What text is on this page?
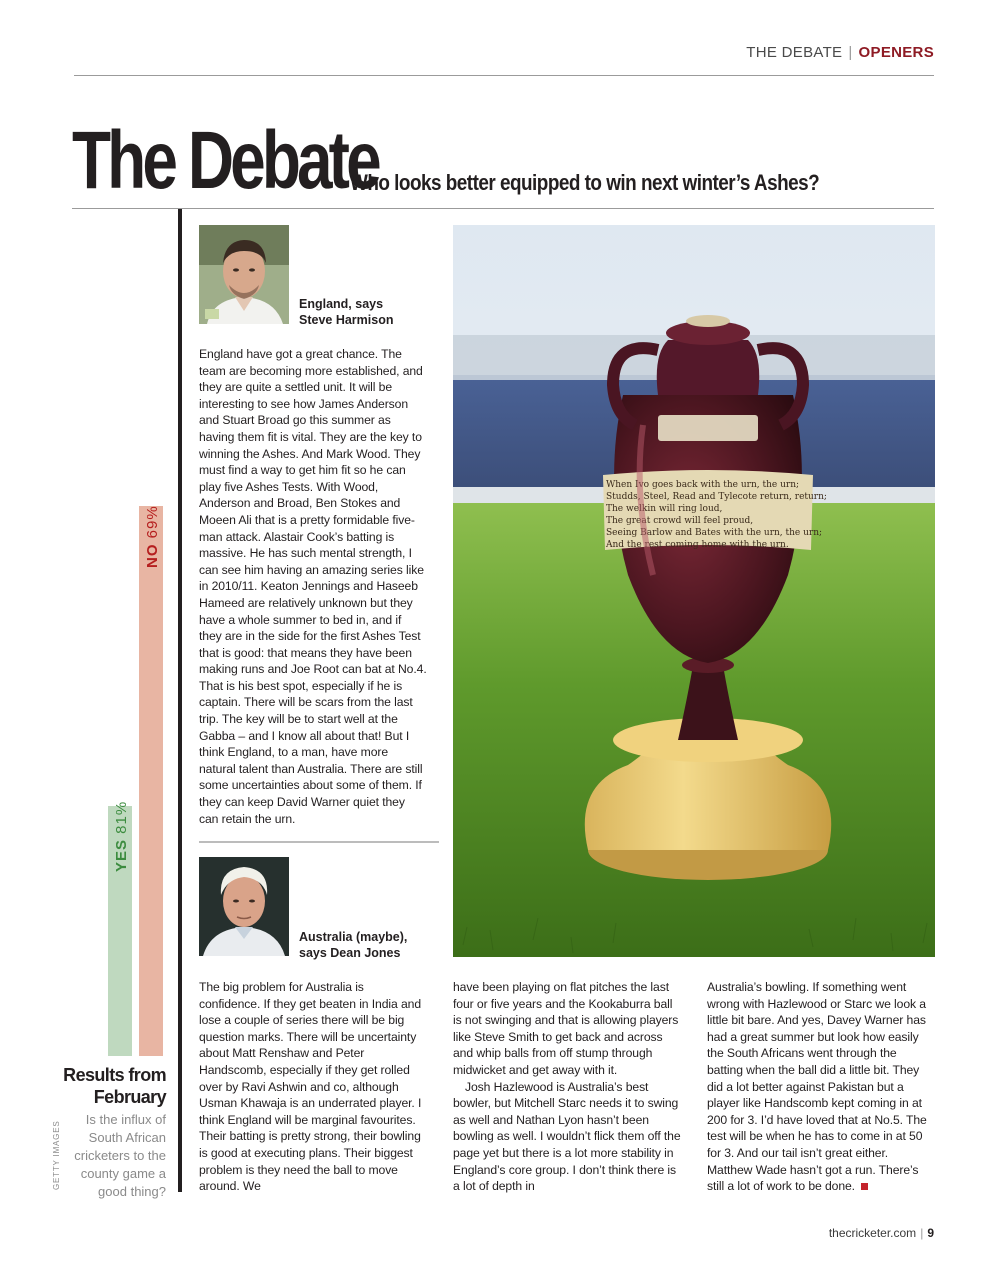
THE DEBATE | OPENERS
The Debate
Who looks better equipped to win next winter’s Ashes?
YES 81%
NO 69%
Results from February
Is the influx of South African cricketers to the county game a good thing?
GETTY IMAGES
England, says Steve Harmison
England have got a great chance. The team are becoming more established, and they are quite a settled unit. It will be interesting to see how James Anderson and Stuart Broad go this summer as having them fit is vital. They are the key to winning the Ashes. And Mark Wood. They must find a way to get him fit so he can play five Ashes Tests. With Wood, Anderson and Broad, Ben Stokes and Moeen Ali that is a pretty formidable five-man attack. Alastair Cook’s batting is massive. He has such mental strength, I can see him having an amazing series like in 2010/11. Keaton Jennings and Haseeb Hameed are relatively unknown but they have a whole summer to bed in, and if they are in the side for the first Ashes Test that is good: that means they have been making runs and Joe Root can bat at No.4. That is his best spot, especially if he is captain. There will be scars from the last trip. The key will be to start well at the Gabba – and I know all about that! But I think England, to a man, have more natural talent than Australia. There are still some uncertainties about some of them. If they can keep David Warner quiet they can retain the urn.
Australia (maybe), says Dean Jones
The big problem for Australia is confidence. If they get beaten in India and lose a couple of series there will be big question marks. There will be uncertainty about Matt Renshaw and Peter Handscomb, especially if they get rolled over by Ravi Ashwin and co, although Usman Khawaja is an underrated player. I think England will be marginal favourites. Their batting is pretty strong, their bowling is good at executing plans. Their biggest problem is they need the ball to move around. We

have been playing on flat pitches the last four or five years and the Kookaburra ball is not swinging and that is allowing players like Steve Smith to get back and across and whip balls from off stump through midwicket and get away with it.

Josh Hazlewood is Australia’s best bowler, but Mitchell Starc needs it to swing as well and Nathan Lyon hasn’t been bowling as well. I wouldn’t flick them off the page yet but there is a lot more stability in England’s core group. I don’t think there is a lot of depth in

Australia’s bowling. If something went wrong with Hazlewood or Starc we look a little bit bare. And yes, Davey Warner has had a great summer but look how easily the South Africans went through the batting when the ball did a little bit. They did a lot better against Pakistan but a player like Handscomb kept coming in at 200 for 3. I’d have loved that at No.5. The test will be when he has to come in at 50 for 3. And our tail isn’t great either. Matthew Wade hasn’t got a run. There’s still a lot of work to be done.
When Ivo goes back with the urn, the urn;
Studds, Steel, Read and Tylecote return, return;
The welkin will ring loud,
The great crowd will feel proud,
Seeing Barlow and Bates with the urn, the urn;
And the rest coming home with the urn.
thecricketer.com | 9
